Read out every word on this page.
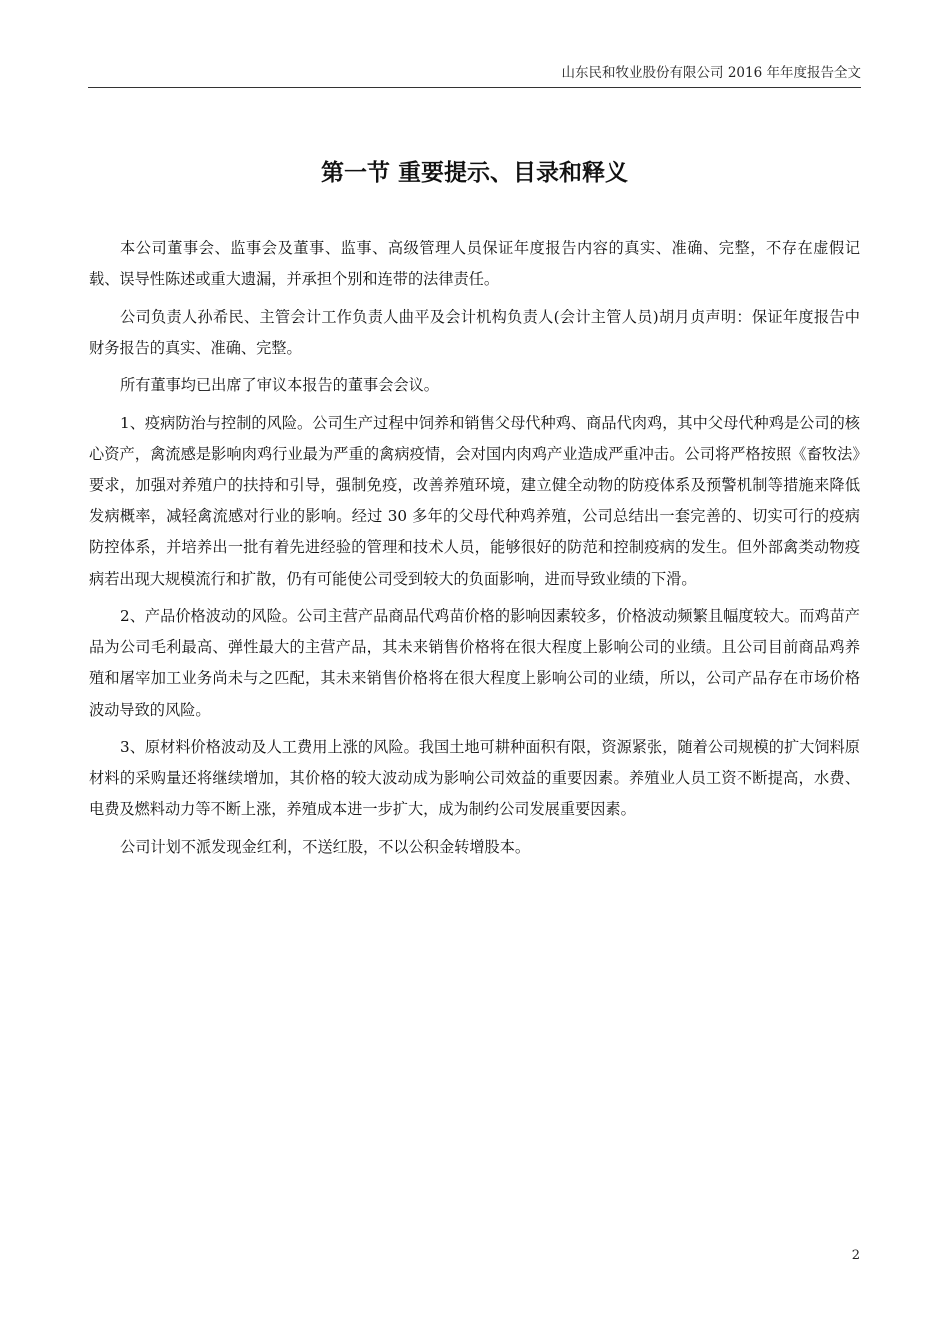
山东民和牧业股份有限公司 2016 年年度报告全文
第一节 重要提示、目录和释义

本公司董事会、监事会及董事、监事、高级管理人员保证年度报告内容的真实、准确、完整，不存在虚假记载、误导性陈述或重大遗漏，并承担个别和连带的法律责任。

公司负责人孙希民、主管会计工作负责人曲平及会计机构负责人(会计主管人员)胡月贞声明：保证年度报告中财务报告的真实、准确、完整。

所有董事均已出席了审议本报告的董事会会议。

1、疫病防治与控制的风险。公司生产过程中饲养和销售父母代种鸡、商品代肉鸡，其中父母代种鸡是公司的核心资产，禽流感是影响肉鸡行业最为严重的禽病疫情，会对国内肉鸡产业造成严重冲击。公司将严格按照《畜牧法》要求，加强对养殖户的扶持和引导，强制免疫，改善养殖环境，建立健全动物的防疫体系及预警机制等措施来降低发病概率，减轻禽流感对行业的影响。经过 30 多年的父母代种鸡养殖，公司总结出一套完善的、切实可行的疫病防控体系，并培养出一批有着先进经验的管理和技术人员，能够很好的防范和控制疫病的发生。但外部禽类动物疫病若出现大规模流行和扩散，仍有可能使公司受到较大的负面影响，进而导致业绩的下滑。

2、产品价格波动的风险。公司主营产品商品代鸡苗价格的影响因素较多，价格波动频繁且幅度较大。而鸡苗产品为公司毛利最高、弹性最大的主营产品，其未来销售价格将在很大程度上影响公司的业绩。且公司目前商品鸡养殖和屠宰加工业务尚未与之匹配，其未来销售价格将在很大程度上影响公司的业绩，所以，公司产品存在市场价格波动导致的风险。

3、原材料价格波动及人工费用上涨的风险。我国土地可耕种面积有限，资源紧张，随着公司规模的扩大饲料原材料的采购量还将继续增加，其价格的较大波动成为影响公司效益的重要因素。养殖业人员工资不断提高，水费、电费及燃料动力等不断上涨，养殖成本进一步扩大，成为制约公司发展重要因素。

公司计划不派发现金红利，不送红股，不以公积金转增股本。

2
